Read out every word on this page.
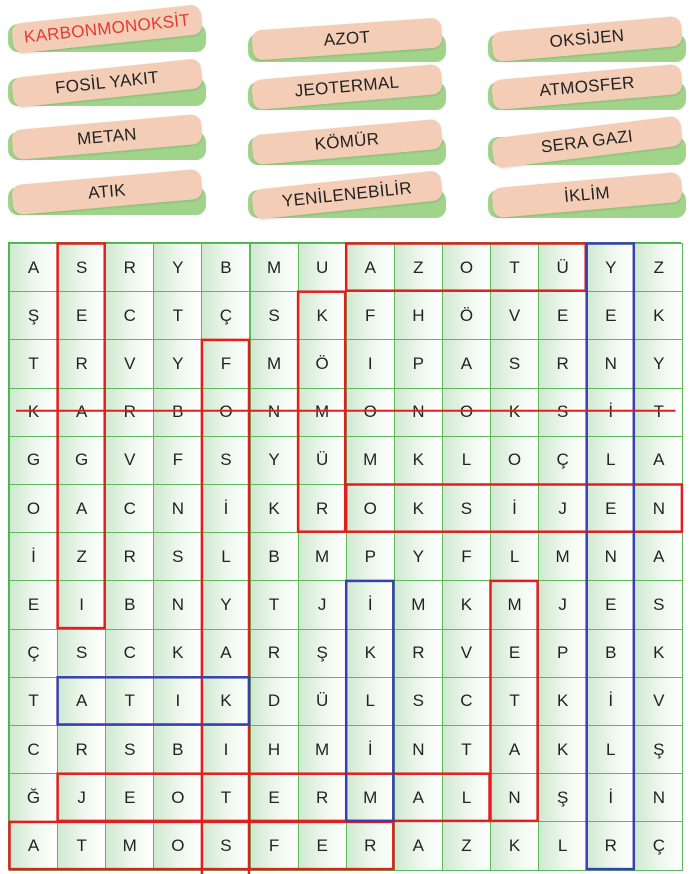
KARBONMONOKSİT	AZOT	OKSİJEN
FOSİL YAKIT	JEOTERMAL	ATMOSFER
METAN	KÖMÜR	SERA GAZI
ATIK	YENİLENEBİLİR	İKLİM
A S R Y B M U A Z O T Ü Y Z
Ş E C T Ç S K F H Ö V E E K
T R V Y F M Ö I P A S R N Y
K A R B O N M O N O K S İ T
G G V F S Y Ü M K L O Ç L A
O A C N İ K R O K S İ J E N
İ Z R S L B M P Y F L M N A
E I B N Y T J İ M K M J E S
Ç S C K A R Ş K R V E P B K
T A T I K D Ü L S C T K İ V
C R S B I H M İ N T A K L Ş
Ğ J E O T E R M A L N Ş İ N
A T M O S F E R A Z K L R Ç
